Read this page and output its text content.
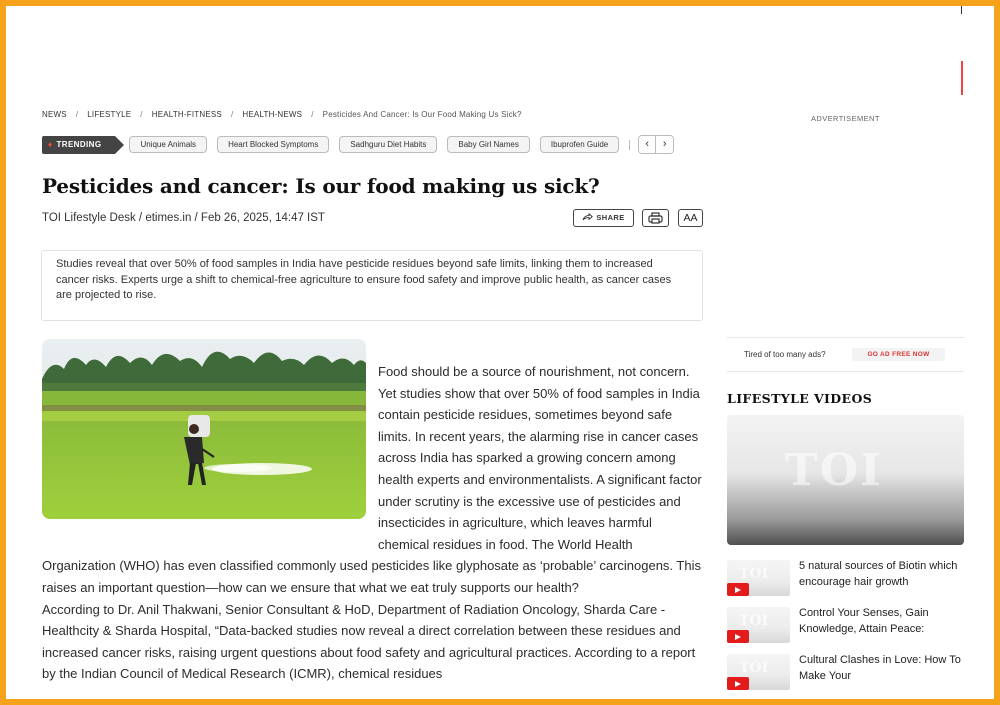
NEWS / LIFESTYLE / HEALTH-FITNESS / HEALTH-NEWS / Pesticides And Cancer: Is Our Food Making Us Sick?
♦ TRENDING	Unique Animals	Heart Blocked Symptoms	Sadhguru Diet Habits	Baby Girl Names	Ibuprofen Guide	‹	›
Pesticides and cancer: Is our food making us sick?
TOI Lifestyle Desk / etimes.in / Feb 26, 2025, 14:47 IST	SHARE	AA
Studies reveal that over 50% of food samples in India have pesticide residues beyond safe limits, linking them to increased cancer risks. Experts urge a shift to chemical-free agriculture to ensure food safety and improve public health, as cancer cases are projected to rise.

Food should be a source of nourishment, not concern. Yet studies show that over 50% of food samples in India contain pesticide residues, sometimes beyond safe limits. In recent years, the alarming rise in cancer cases across India has sparked a growing concern among health experts and environmentalists. A significant factor under scrutiny is the excessive use of pesticides and insecticides in agriculture, which leaves harmful chemical residues in food. The World Health Organization (WHO) has even classified commonly used pesticides like glyphosate as ‘probable’ carcinogens. This raises an important question—how can we ensure that what we eat truly supports our health?

According to Dr. Anil Thakwani, Senior Consultant & HoD, Department of Radiation Oncology, Sharda Care - Healthcity & Sharda Hospital, “Data-backed studies now reveal a direct correlation between these residues and increased cancer risks, raising urgent questions about food safety and agricultural practices. According to a report by the Indian Council of Medical Research (ICMR), chemical residues

ADVERTISEMENT
Tired of too many ads?	GO AD FREE NOW
LIFESTYLE VIDEOS
TOI
TOI	5 natural sources of Biotin which encourage hair growth
TOI	Control Your Senses, Gain Knowledge, Attain Peace:
TOI	Cultural Clashes in Love: How To Make Your
